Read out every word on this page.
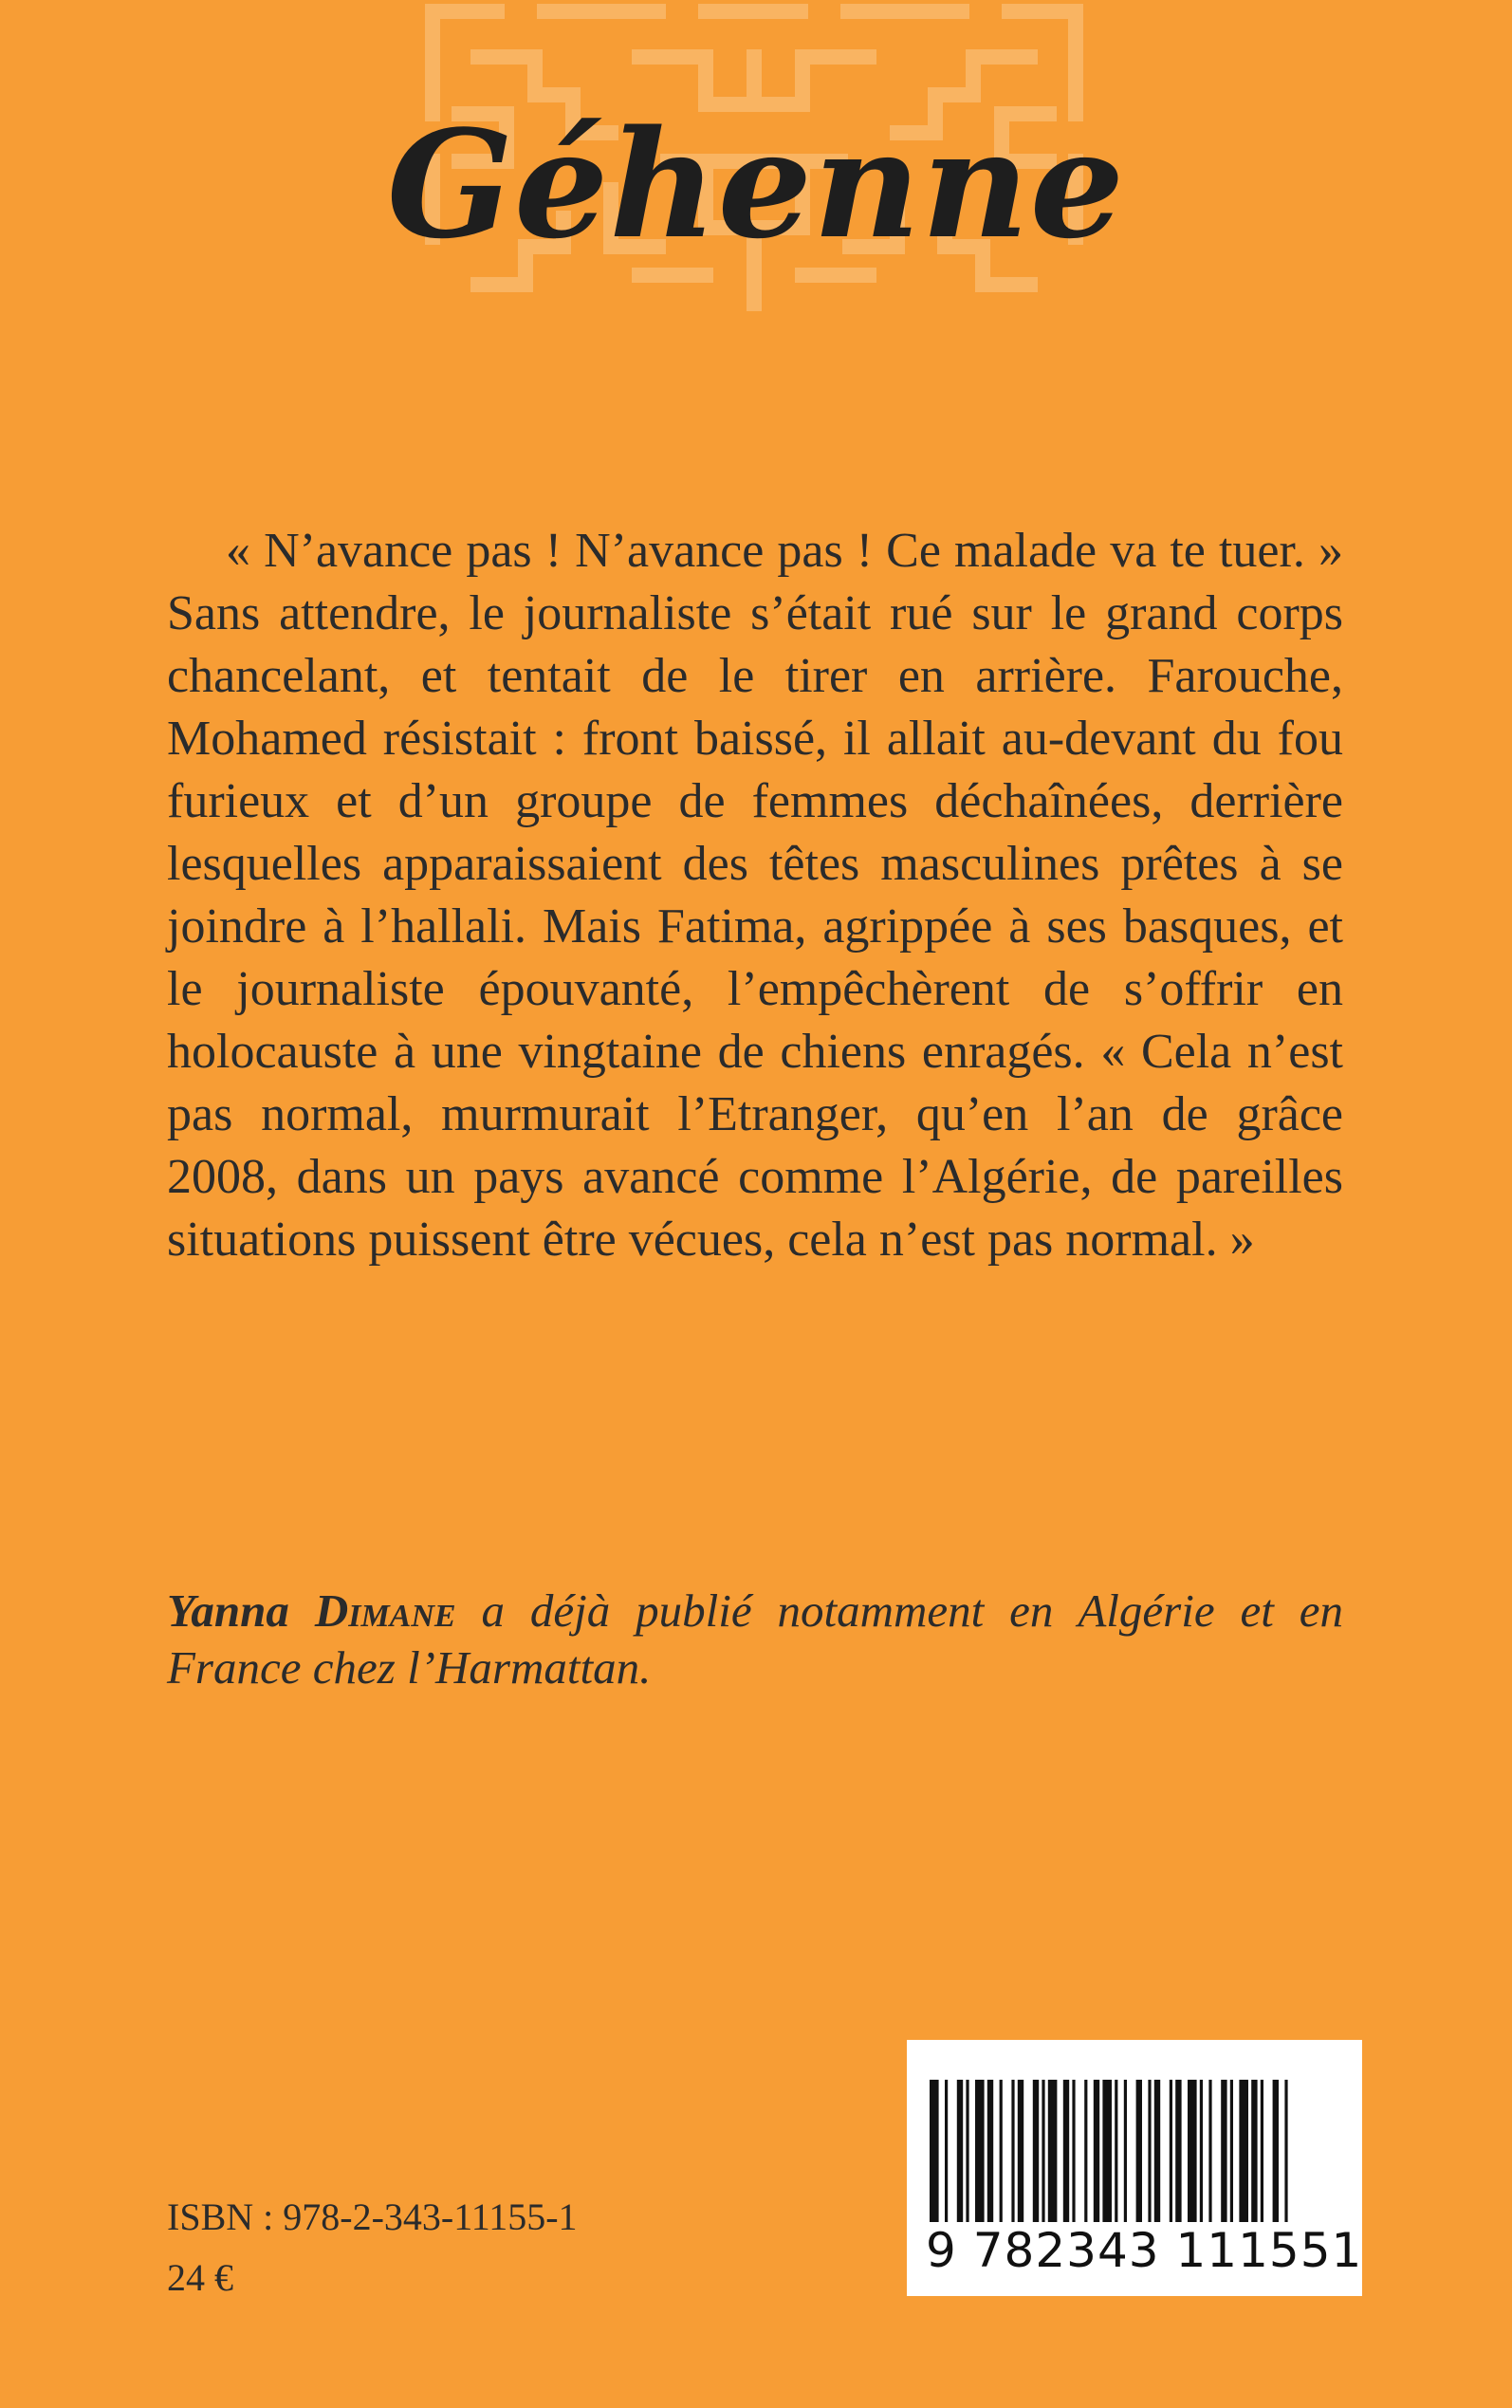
Géhenne

« N’avance pas ! N’avance pas ! Ce malade va te tuer. » Sans attendre, le journaliste s’était rué sur le grand corps chancelant, et tentait de le tirer en arrière. Farouche, Mohamed résistait : front baissé, il allait au-devant du fou furieux et d’un groupe de femmes déchaînées, derrière lesquelles apparaissaient des têtes masculines prêtes à se joindre à l’hallali. Mais Fatima, agrippée à ses basques, et le journaliste épouvanté, l’empêchèrent de s’offrir en holocauste à une vingtaine de chiens enragés. « Cela n’est pas normal, murmurait l’Etranger, qu’en l’an de grâce 2008, dans un pays avancé comme l’Algérie, de pareilles situations puissent être vécues, cela n’est pas normal. »

Yanna Dimane a déjà publié notamment en Algérie et en France chez l’Harmattan.

ISBN : 978-2-343-11155-1
24 €	9 782343 111551
